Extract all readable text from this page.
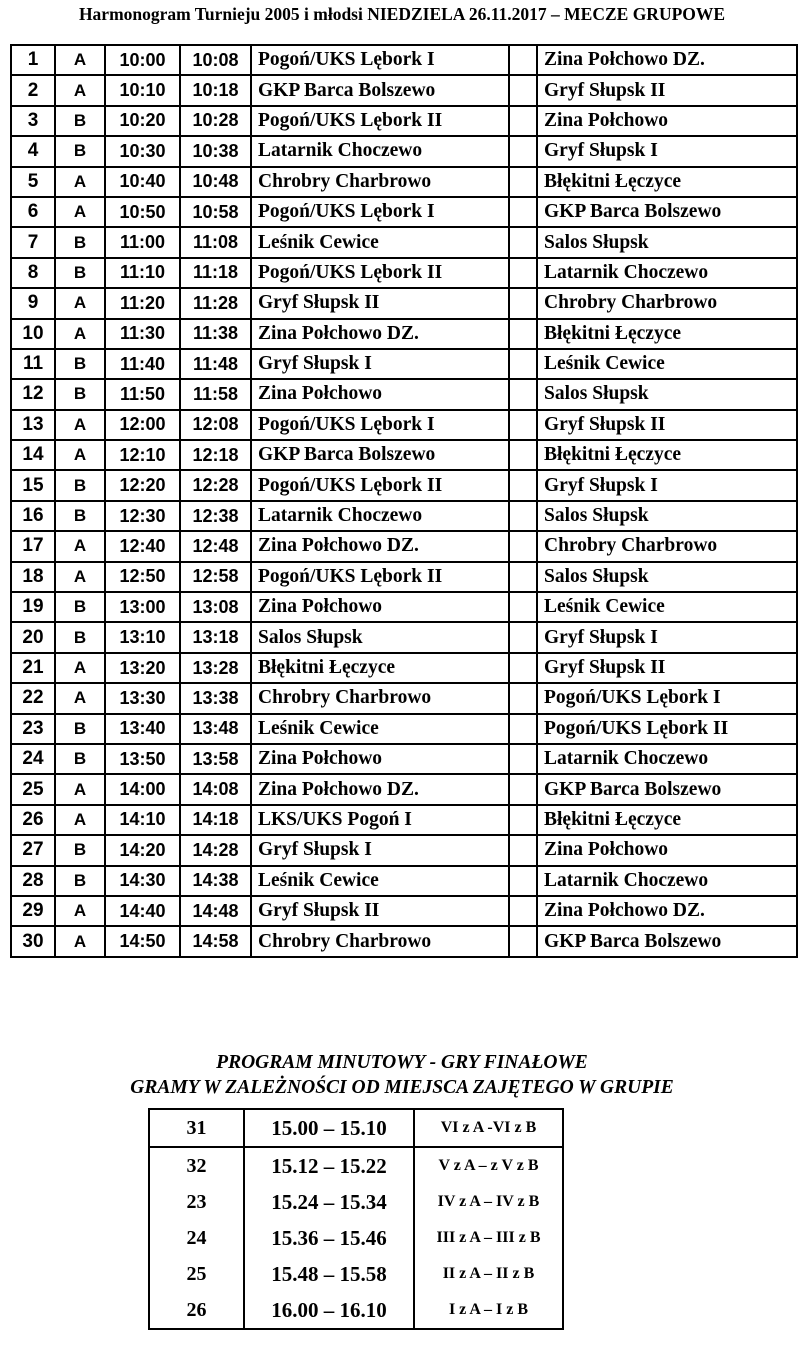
Harmonogram Turnieju 2005 i młodsi NIEDZIELA 26.11.2017 – MECZE GRUPOWE
1	A	10:00	10:08	Pogoń/UKS Lębork I		Zina Połchowo DZ.
2	A	10:10	10:18	GKP Barca Bolszewo		Gryf Słupsk II
3	B	10:20	10:28	Pogoń/UKS Lębork II		Zina Połchowo
4	B	10:30	10:38	Latarnik Choczewo		Gryf Słupsk I
5	A	10:40	10:48	Chrobry Charbrowo		Błękitni Łęczyce
6	A	10:50	10:58	Pogoń/UKS Lębork I		GKP Barca Bolszewo
7	B	11:00	11:08	Leśnik Cewice		Salos Słupsk
8	B	11:10	11:18	Pogoń/UKS Lębork II		Latarnik Choczewo
9	A	11:20	11:28	Gryf Słupsk II		Chrobry Charbrowo
10	A	11:30	11:38	Zina Połchowo DZ.		Błękitni Łęczyce
11	B	11:40	11:48	Gryf Słupsk I		Leśnik Cewice
12	B	11:50	11:58	Zina Połchowo		Salos Słupsk
13	A	12:00	12:08	Pogoń/UKS Lębork I		Gryf Słupsk II
14	A	12:10	12:18	GKP Barca Bolszewo		Błękitni Łęczyce
15	B	12:20	12:28	Pogoń/UKS Lębork II		Gryf Słupsk I
16	B	12:30	12:38	Latarnik Choczewo		Salos Słupsk
17	A	12:40	12:48	Zina Połchowo DZ.		Chrobry Charbrowo
18	A	12:50	12:58	Pogoń/UKS Lębork II		Salos Słupsk
19	B	13:00	13:08	Zina Połchowo		Leśnik Cewice
20	B	13:10	13:18	Salos Słupsk		Gryf Słupsk I
21	A	13:20	13:28	Błękitni Łęczyce		Gryf Słupsk II
22	A	13:30	13:38	Chrobry Charbrowo		Pogoń/UKS Lębork I
23	B	13:40	13:48	Leśnik Cewice		Pogoń/UKS Lębork II
24	B	13:50	13:58	Zina Połchowo		Latarnik Choczewo
25	A	14:00	14:08	Zina Połchowo DZ.		GKP Barca Bolszewo
26	A	14:10	14:18	LKS/UKS Pogoń I		Błękitni Łęczyce
27	B	14:20	14:28	Gryf Słupsk I		Zina Połchowo
28	B	14:30	14:38	Leśnik Cewice		Latarnik Choczewo
29	A	14:40	14:48	Gryf Słupsk II		Zina Połchowo DZ.
30	A	14:50	14:58	Chrobry Charbrowo		GKP Barca Bolszewo
PROGRAM MINUTOWY - GRY FINAŁOWE
GRAMY W ZALEŻNOŚCI OD MIEJSCA ZAJĘTEGO W GRUPIE
31	15.00 – 15.10	VI z A -VI z B
32	15.12 – 15.22	V z A – z V z B
23	15.24 – 15.34	IV z A – IV z B
24	15.36 – 15.46	III z A – III z B
25	15.48 – 15.58	II z A – II z B
26	16.00 – 16.10	I z A – I z B
